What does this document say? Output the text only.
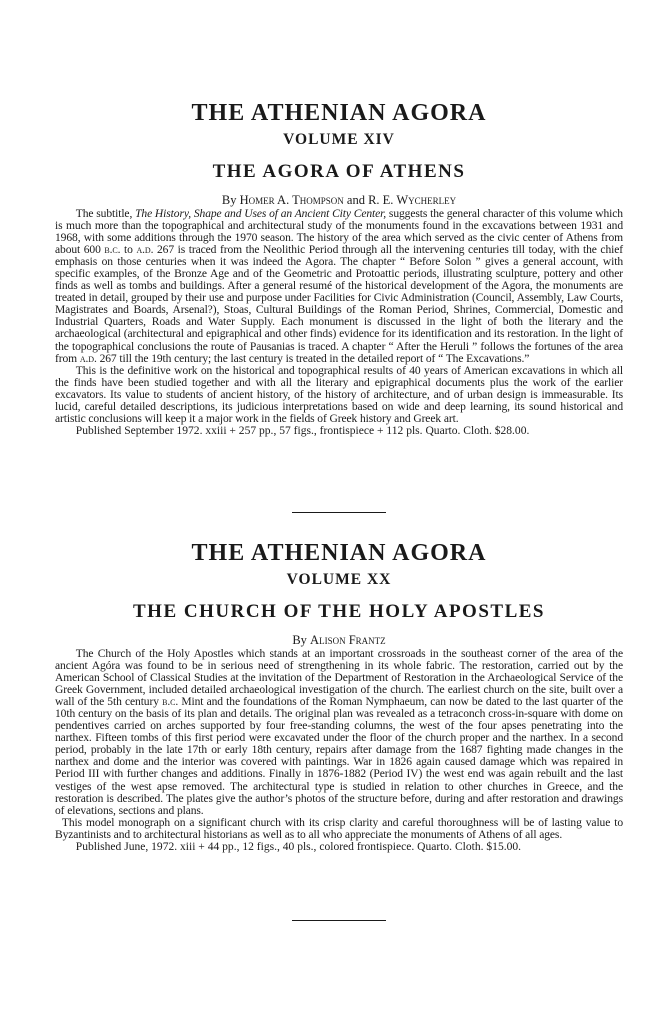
THE ATHENIAN AGORA
VOLUME XIV
THE AGORA OF ATHENS

By Homer A. Thompson and R. E. Wycherley

The subtitle, The History, Shape and Uses of an Ancient City Center, suggests the general character of this volume which is much more than the topographical and architectural study of the monuments found in the excavations between 1931 and 1968, with some additions through the 1970 season. The history of the area which served as the civic center of Athens from about 600 b.c. to a.d. 267 is traced from the Neolithic Period through all the intervening centuries till today, with the chief emphasis on those centuries when it was indeed the Agora. The chapter “ Before Solon ” gives a general account, with specific examples, of the Bronze Age and of the Geometric and Protoattic periods, illustrating sculpture, pottery and other finds as well as tombs and buildings. After a general resumé of the historical development of the Agora, the monuments are treated in detail, grouped by their use and purpose under Facilities for Civic Administration (Council, Assembly, Law Courts, Magistrates and Boards, Arsenal?), Stoas, Cultural Buildings of the Roman Period, Shrines, Commercial, Domestic and Industrial Quarters, Roads and Water Supply. Each monument is discussed in the light of both the literary and the archaeological (architectural and epigraphical and other finds) evidence for its identification and its restoration. In the light of the topographical conclusions the route of Pausanias is traced. A chapter “ After the Heruli ” follows the fortunes of the area from a.d. 267 till the 19th century; the last century is treated in the detailed report of “ The Excavations.”

This is the definitive work on the historical and topographical results of 40 years of American excavations in which all the finds have been studied together and with all the literary and epigraphical documents plus the work of the earlier excavators. Its value to students of ancient history, of the history of architecture, and of urban design is immeasurable. Its lucid, careful detailed descriptions, its judicious interpretations based on wide and deep learning, its sound historical and artistic conclusions will keep it a major work in the fields of Greek history and Greek art.

Published September 1972. xxiii + 257 pp., 57 figs., frontispiece + 112 pls. Quarto. Cloth. $28.00.

THE ATHENIAN AGORA
VOLUME XX
THE CHURCH OF THE HOLY APOSTLES

By Alison Frantz

The Church of the Holy Apostles which stands at an important crossroads in the southeast corner of the area of the ancient Agóra was found to be in serious need of strengthening in its whole fabric. The restoration, carried out by the American School of Classical Studies at the invitation of the Department of Restoration in the Archaeological Service of the Greek Government, included detailed archaeological investigation of the church. The earliest church on the site, built over a wall of the 5th century b.c. Mint and the foundations of the Roman Nymphaeum, can now be dated to the last quarter of the 10th century on the basis of its plan and details. The original plan was revealed as a tetraconch cross-in-square with dome on pendentives carried on arches supported by four free-standing columns, the west of the four apses penetrating into the narthex. Fifteen tombs of this first period were excavated under the floor of the church proper and the narthex. In a second period, probably in the late 17th or early 18th century, repairs after damage from the 1687 fighting made changes in the narthex and dome and the interior was covered with paintings. War in 1826 again caused damage which was repaired in Period III with further changes and additions. Finally in 1876-1882 (Period IV) the west end was again rebuilt and the last vestiges of the west apse removed. The architectural type is studied in relation to other churches in Greece, and the restoration is described. The plates give the author’s photos of the structure before, during and after restoration and drawings of elevations, sections and plans.

This model monograph on a significant church with its crisp clarity and careful thoroughness will be of lasting value to Byzantinists and to architectural historians as well as to all who appreciate the monuments of Athens of all ages.

Published June, 1972. xiii + 44 pp., 12 figs., 40 pls., colored frontispiece. Quarto. Cloth. $15.00.
